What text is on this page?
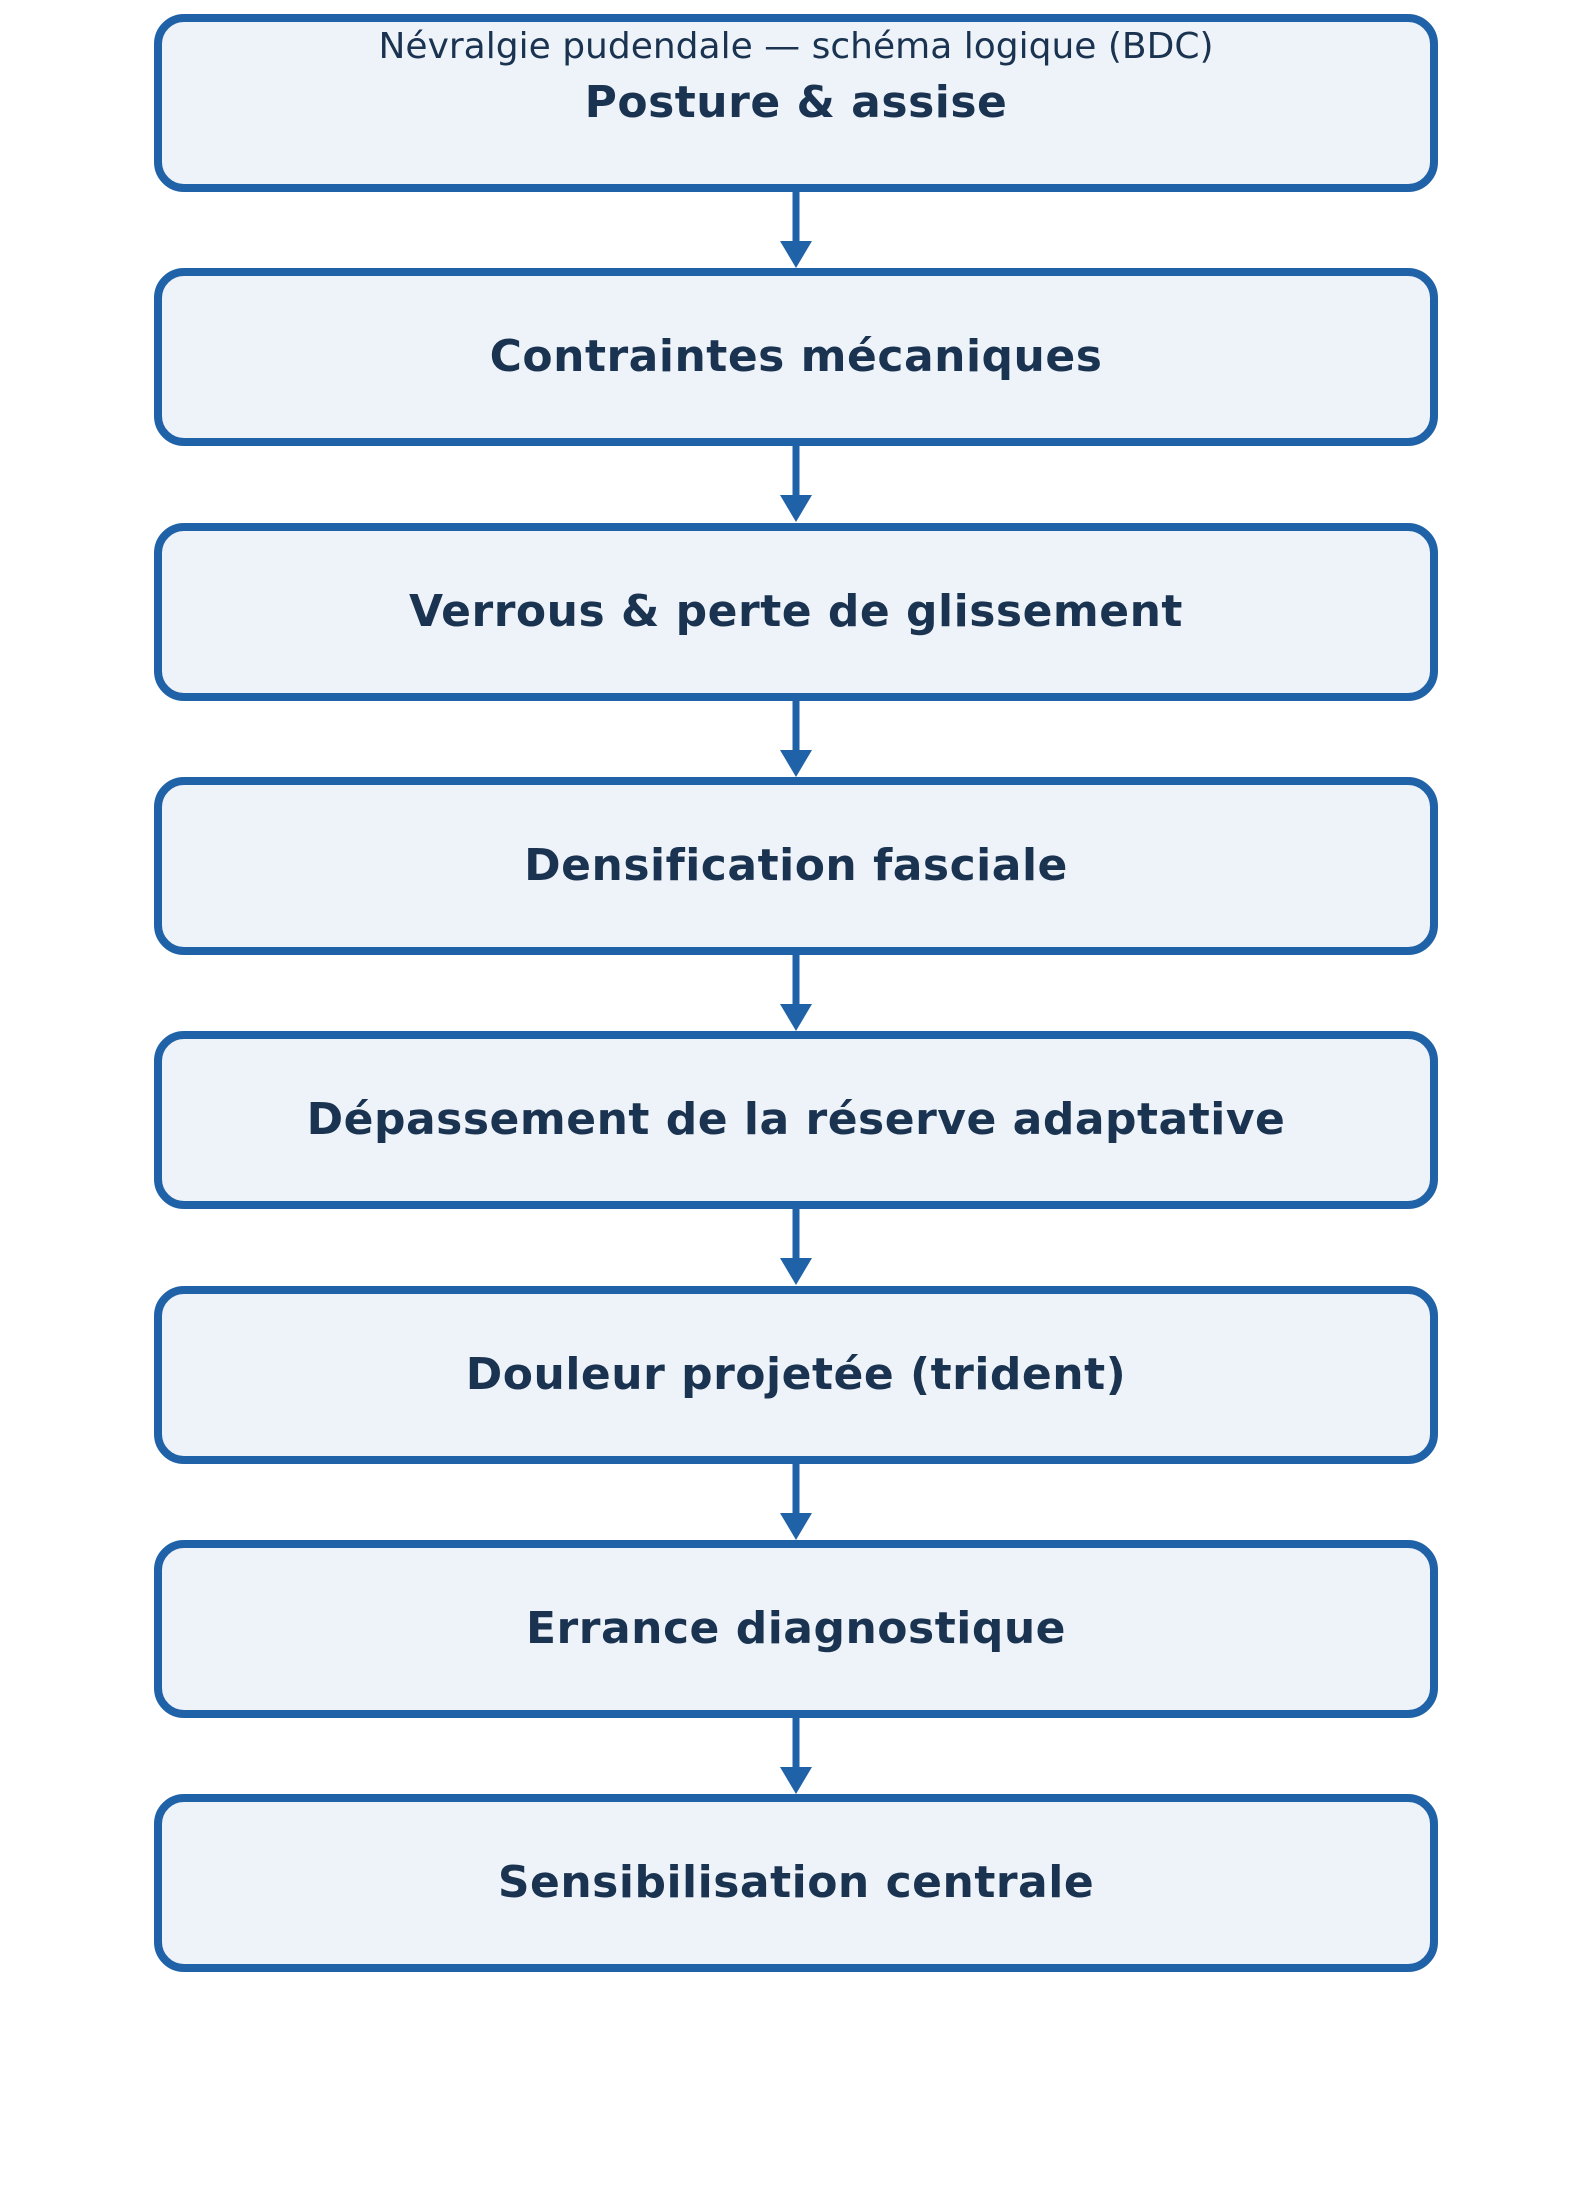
Névralgie pudendale — schéma logique (BDC)
Posture & assise
Contraintes mécaniques
Verrous & perte de glissement
Densification fasciale
Dépassement de la réserve adaptative
Douleur projetée (trident)
Errance diagnostique
Sensibilisation centrale
